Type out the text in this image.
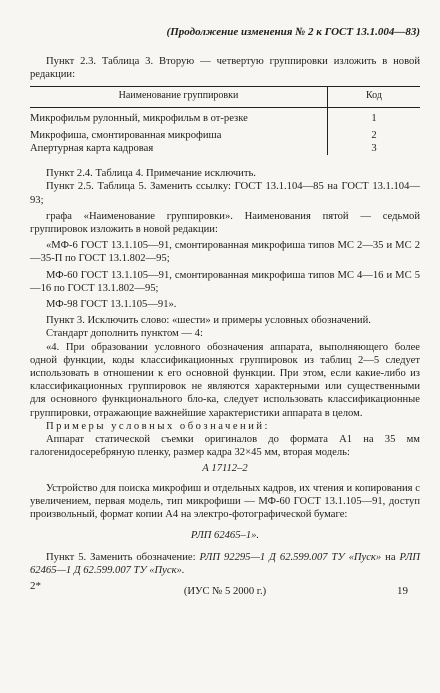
(Продолжение изменения № 2 к ГОСТ 13.1.004—83)

Пункт 2.3. Таблица 3. Вторую — четвертую группировки изложить в новой редакции:

Наименование группировки	Код

Микрофильм рулонный, микрофильм в от-резке	1

Микрофиша, смонтированная микрофиша	2
Апертурная карта кадровая	3

Пункт 2.4. Таблица 4. Примечание исключить.

Пункт 2.5. Таблица 5. Заменить ссылку: ГОСТ 13.1.104—85 на ГОСТ 13.1.104—93;

графа «Наименование группировки». Наименования пятой — седьмой группировок изложить в новой редакции:

«МФ-6 ГОСТ 13.1.105—91, смонтированная микрофиша типов МС 2—35 и МС 2—35-П по ГОСТ 13.1.802—95;

МФ-60 ГОСТ 13.1.105—91, смонтированная микрофиша типов МС 4—16 и МС 5—16 по ГОСТ 13.1.802—95;

МФ-98 ГОСТ 13.1.105—91».

Пункт 3. Исключить слово: «шести» и примеры условных обозначений.

Стандарт дополнить пунктом — 4:

«4. При образовании условного обозначения аппарата, выполняющего более одной функции, коды классификационных группировок из таблиц 2—5 следует использовать в отношении к его основной функции. При этом, если какие-либо из классификационных группировок не являются характерными или существенными для основного функционального бло-ка, следует использовать классификационные группировки, отражающие важнейшие характеристики аппарата в целом.

Примеры условных обозначений:

Аппарат статической съемки оригиналов до формата А1 на 35 мм галогенидосеребряную пленку, размер кадра 32×45 мм, вторая модель:

А 17112–2

Устройство для поиска микрофиш и отдельных кадров, их чтения и копирования с увеличением, первая модель, тип микрофиши — МФ-60 ГОСТ 13.1.105—91, доступ произвольный, формат копии А4 на электро-фотографической бумаге:

РЛП 62465–1».

Пункт 5. Заменить обозначение: РЛП 92295—1 Д 62.599.007 ТУ «Пуск» на РЛП 62465—1 Д 62.599.007 ТУ «Пуск».

(ИУС № 5 2000 г.)

2*	19
